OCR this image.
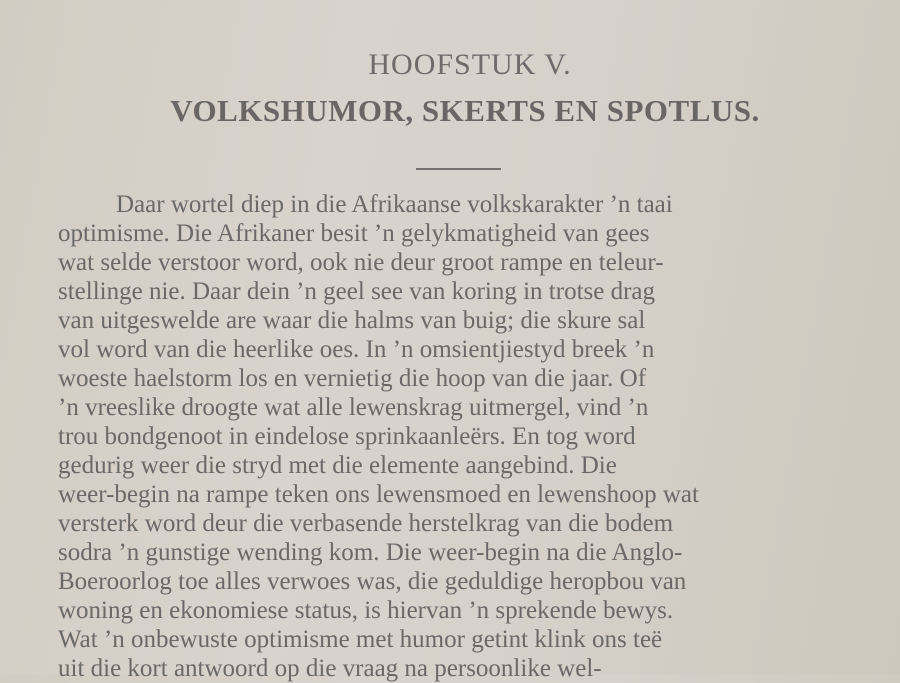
HOOFSTUK V.
VOLKSHUMOR, SKERTS EN SPOTLUS.
Daar wortel diep in die Afrikaanse volkskarakter ’n taai
optimisme. Die Afrikaner besit ’n gelykmatigheid van gees
wat selde verstoor word, ook nie deur groot rampe en teleur-
stellinge nie. Daar dein ’n geel see van koring in trotse drag
van uitgeswelde are waar die halms van buig; die skure sal
vol word van die heerlike oes. In ’n omsientjiestyd breek ’n
woeste haelstorm los en vernietig die hoop van die jaar. Of
’n vreeslike droogte wat alle lewenskrag uitmergel, vind ’n
trou bondgenoot in eindelose sprinkaanleërs. En tog word
gedurig weer die stryd met die elemente aangebind. Die
weer-begin na rampe teken ons lewensmoed en lewenshoop wat
versterk word deur die verbasende herstelkrag van die bodem
sodra ’n gunstige wending kom. Die weer-begin na die Anglo-
Boeroorlog toe alles verwoes was, die geduldige heropbou van
woning en ekonomiese status, is hiervan ’n sprekende bewys.
Wat ’n onbewuste optimisme met humor getint klink ons teë
uit die kort antwoord op die vraag na persoonlike wel-
